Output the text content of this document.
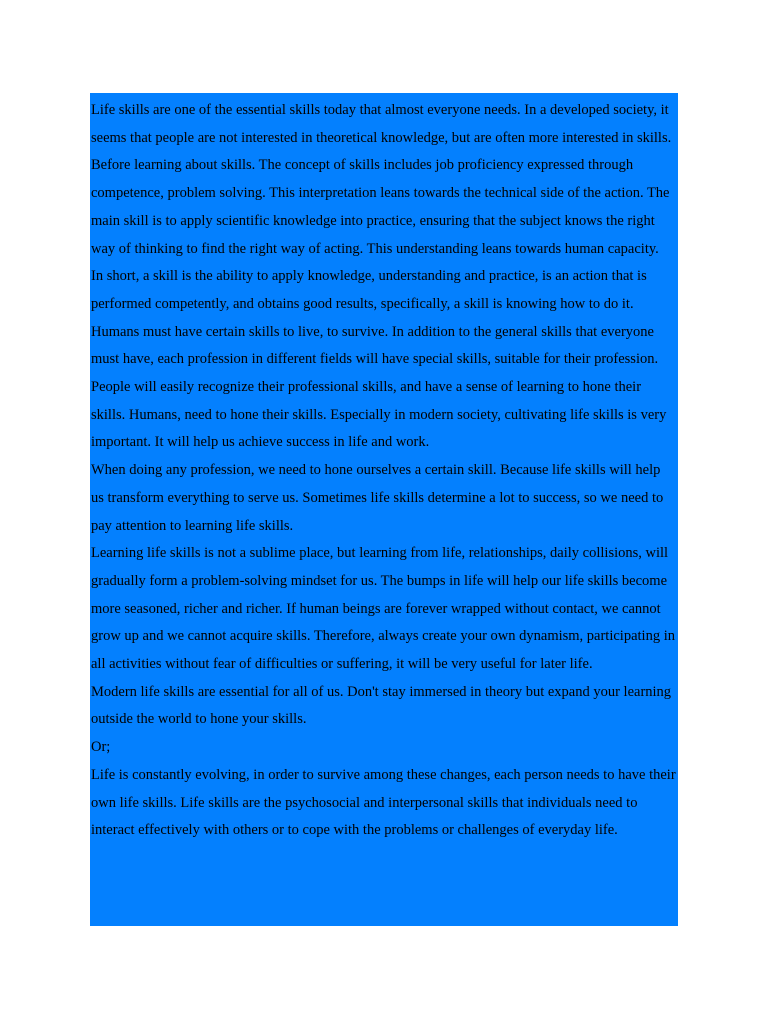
Life skills are one of the essential skills today that almost everyone needs. In a developed society, it seems that people are not interested in theoretical knowledge, but are often more interested in skills.

Before learning about skills. The concept of skills includes job proficiency expressed through competence, problem solving. This interpretation leans towards the technical side of the action. The main skill is to apply scientific knowledge into practice, ensuring that the subject knows the right way of thinking to find the right way of acting. This understanding leans towards human capacity.

In short, a skill is the ability to apply knowledge, understanding and practice, is an action that is performed competently, and obtains good results, specifically, a skill is knowing how to do it. Humans must have certain skills to live, to survive. In addition to the general skills that everyone must have, each profession in different fields will have special skills, suitable for their profession. People will easily recognize their professional skills, and have a sense of learning to hone their skills. Humans, need to hone their skills. Especially in modern society, cultivating life skills is very important. It will help us achieve success in life and work.

When doing any profession, we need to hone ourselves a certain skill. Because life skills will help us transform everything to serve us. Sometimes life skills determine a lot to success, so we need to pay attention to learning life skills.

Learning life skills is not a sublime place, but learning from life, relationships, daily collisions, will gradually form a problem-solving mindset for us. The bumps in life will help our life skills become more seasoned, richer and richer. If human beings are forever wrapped without contact, we cannot grow up and we cannot acquire skills. Therefore, always create your own dynamism, participating in all activities without fear of difficulties or suffering, it will be very useful for later life.

Modern life skills are essential for all of us. Don't stay immersed in theory but expand your learning outside the world to hone your skills.

Or;

Life is constantly evolving, in order to survive among these changes, each person needs to have their own life skills. Life skills are the psychosocial and interpersonal skills that individuals need to interact effectively with others or to cope with the problems or challenges of everyday life.
